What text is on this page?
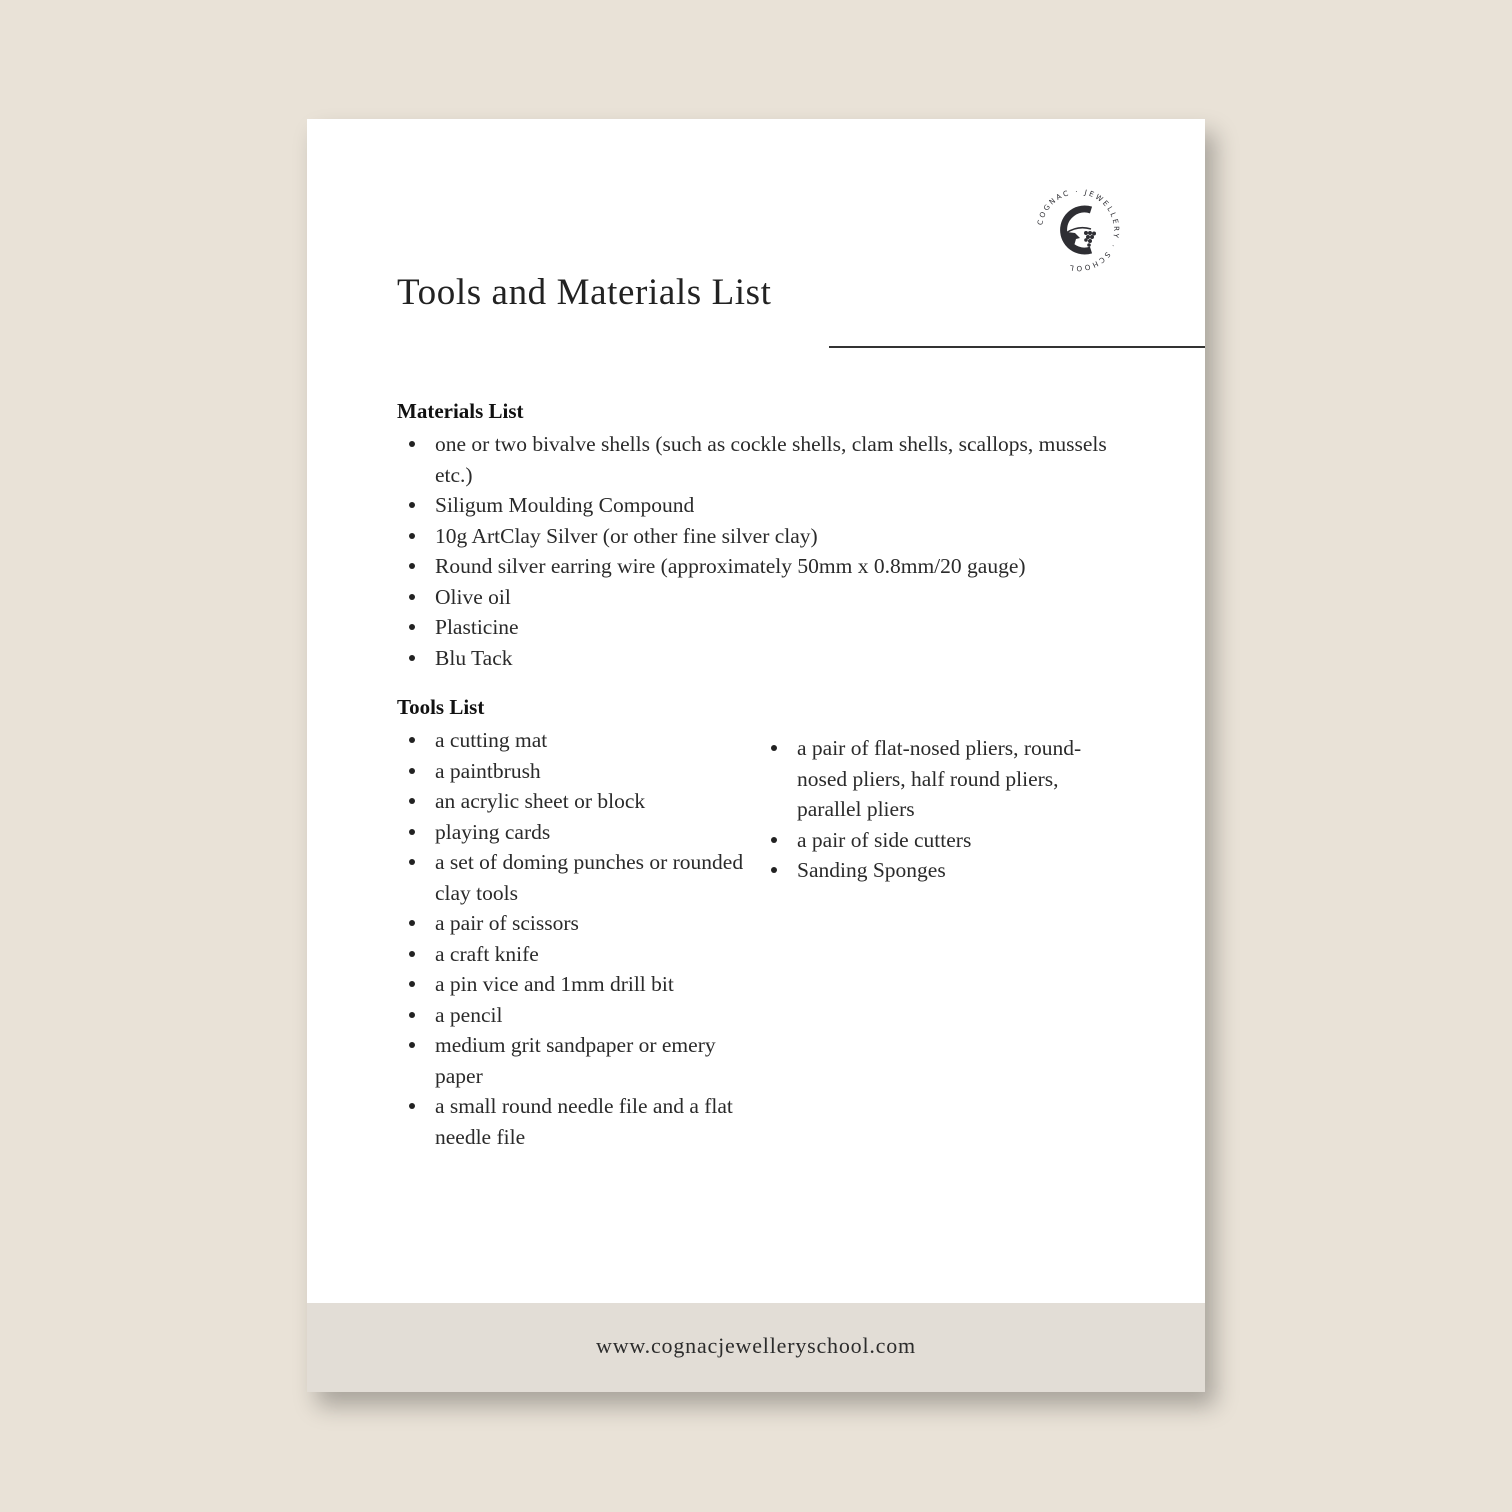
COGNAC · JEWELLERY · SCHOOL
Tools and Materials List
Materials List
one or two bivalve shells (such as cockle shells, clam shells, scallops, mussels etc.)
Siligum Moulding Compound
10g ArtClay Silver (or other fine silver clay)
Round silver earring wire (approximately 50mm x 0.8mm/20 gauge)
Olive oil
Plasticine
Blu Tack
Tools List
a cutting mat
a paintbrush
an acrylic sheet or block
playing cards
a set of doming punches or rounded clay tools
a pair of scissors
a craft knife
a pin vice and 1mm drill bit
a pencil
medium grit sandpaper or emery paper
a small round needle file and a flat needle file
a pair of flat-nosed pliers, round-nosed pliers, half round pliers, parallel pliers
a pair of side cutters
Sanding Sponges
www.cognacjewelleryschool.com
